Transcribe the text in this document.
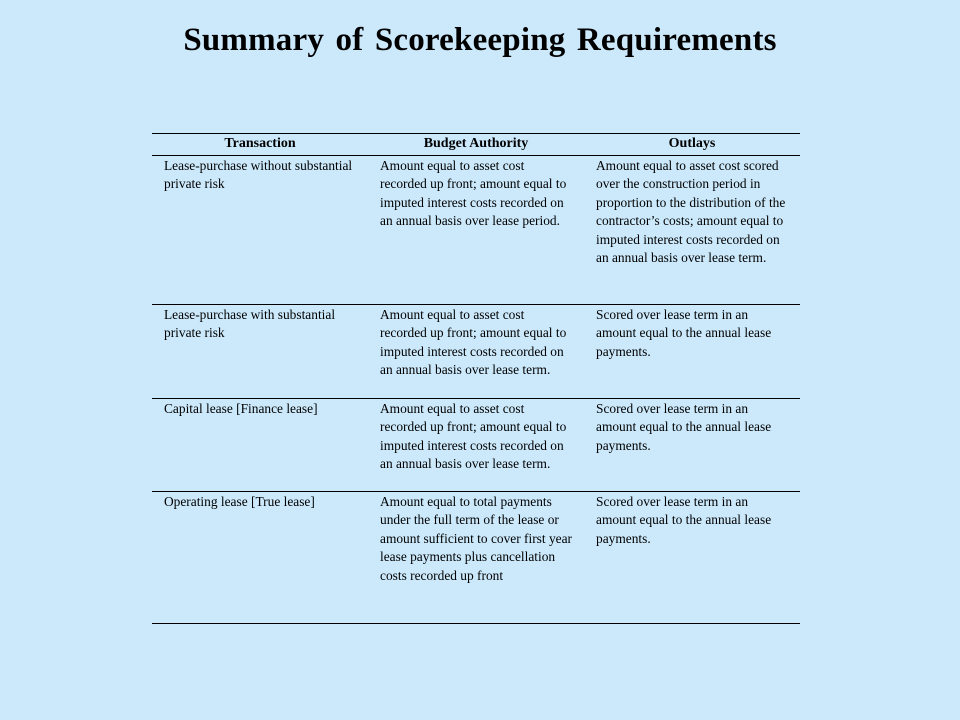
Summary of Scorekeeping Requirements
Transaction	Budget Authority	Outlays
Lease-purchase without substantial private risk	Amount equal to asset cost recorded up front; amount equal to imputed interest costs recorded on an annual basis over lease period.	Amount equal to asset cost scored over the construction period in proportion to the distribution of the contractor’s costs; amount equal to imputed interest costs recorded on an annual basis over lease term.
Lease-purchase with substantial private risk	Amount equal to asset cost recorded up front; amount equal to imputed interest costs recorded on an annual basis over lease term.	Scored over lease term in an amount equal to the annual lease payments.
Capital lease [Finance lease]	Amount equal to asset cost recorded up front; amount equal to imputed interest costs recorded on an annual basis over lease term.	Scored over lease term in an amount equal to the annual lease payments.
Operating lease [True lease]	Amount equal to total payments under the full term of the lease or amount sufficient to cover first year lease payments plus cancellation costs recorded up front	Scored over lease term in an amount equal to the annual lease payments.
